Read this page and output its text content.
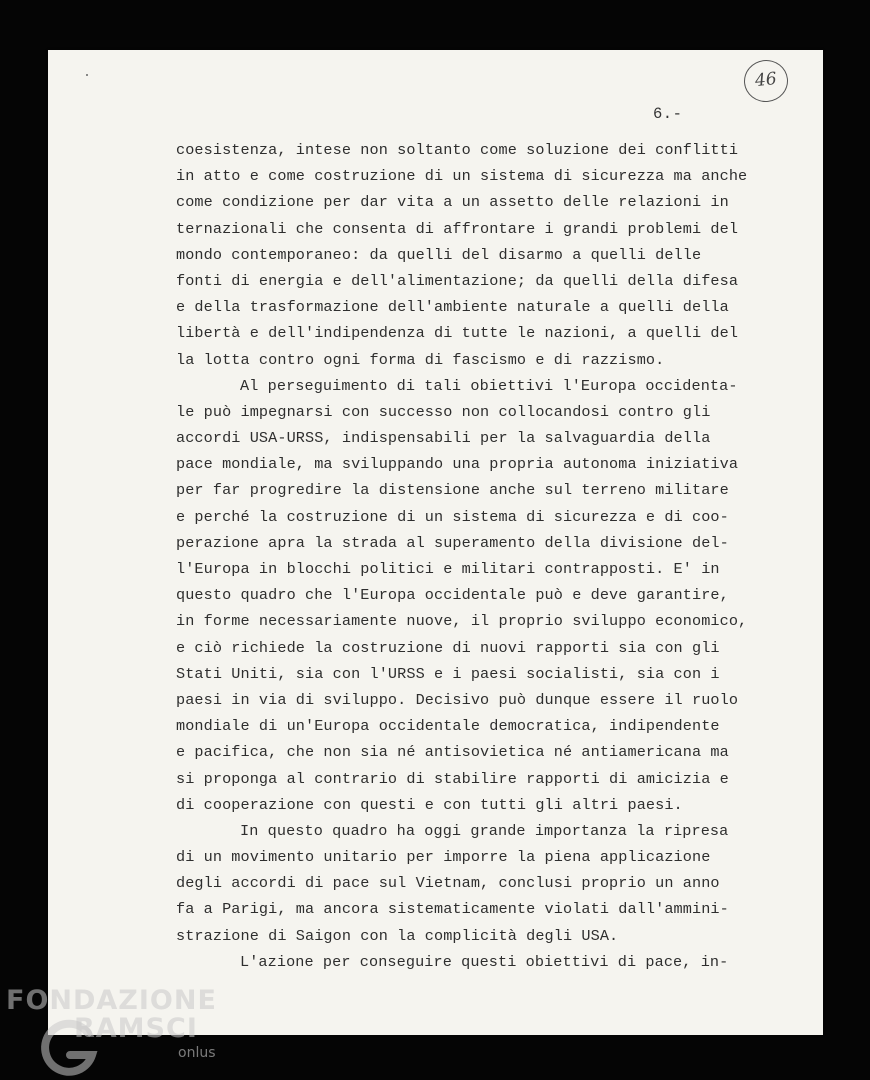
46
6.-
coesistenza, intese non soltanto come soluzione dei conflitti
in atto e come costruzione di un sistema di sicurezza ma anche
come condizione per dar vita a un assetto delle relazioni in
ternazionali che consenta di affrontare i grandi problemi del
mondo contemporaneo: da quelli del disarmo a quelli delle
fonti di energia e dell'alimentazione; da quelli della difesa
e della trasformazione dell'ambiente naturale a quelli della
libertà e dell'indipendenza di tutte le nazioni, a quelli del
la lotta contro ogni forma di fascismo e di razzismo.
Al perseguimento di tali obiettivi l'Europa occidenta-
le può impegnarsi con successo non collocandosi contro gli
accordi USA-URSS, indispensabili per la salvaguardia della
pace mondiale, ma sviluppando una propria autonoma iniziativa
per far progredire la distensione anche sul terreno militare
e perché la costruzione di un sistema di sicurezza e di coo-
perazione apra la strada al superamento della divisione del-
l'Europa in blocchi politici e militari contrapposti. E' in
questo quadro che l'Europa occidentale può e deve garantire,
in forme necessariamente nuove, il proprio sviluppo economico,
e ciò richiede la costruzione di nuovi rapporti sia con gli
Stati Uniti, sia con l'URSS e i paesi socialisti, sia con i
paesi in via di sviluppo. Decisivo può dunque essere il ruolo
mondiale di un'Europa occidentale democratica, indipendente
e pacifica, che non sia né antisovietica né antiamericana ma
si proponga al contrario di stabilire rapporti di amicizia e
di cooperazione con questi e con tutti gli altri paesi.
In questo quadro ha oggi grande importanza la ripresa
di un movimento unitario per imporre la piena applicazione
degli accordi di pace sul Vietnam, conclusi proprio un anno
fa a Parigi, ma ancora sistematicamente violati dall'ammini-
strazione di Saigon con la complicità degli USA.
L'azione per conseguire questi obiettivi di pace, in-
FONDAZIONE
RAMSCI
onlus
